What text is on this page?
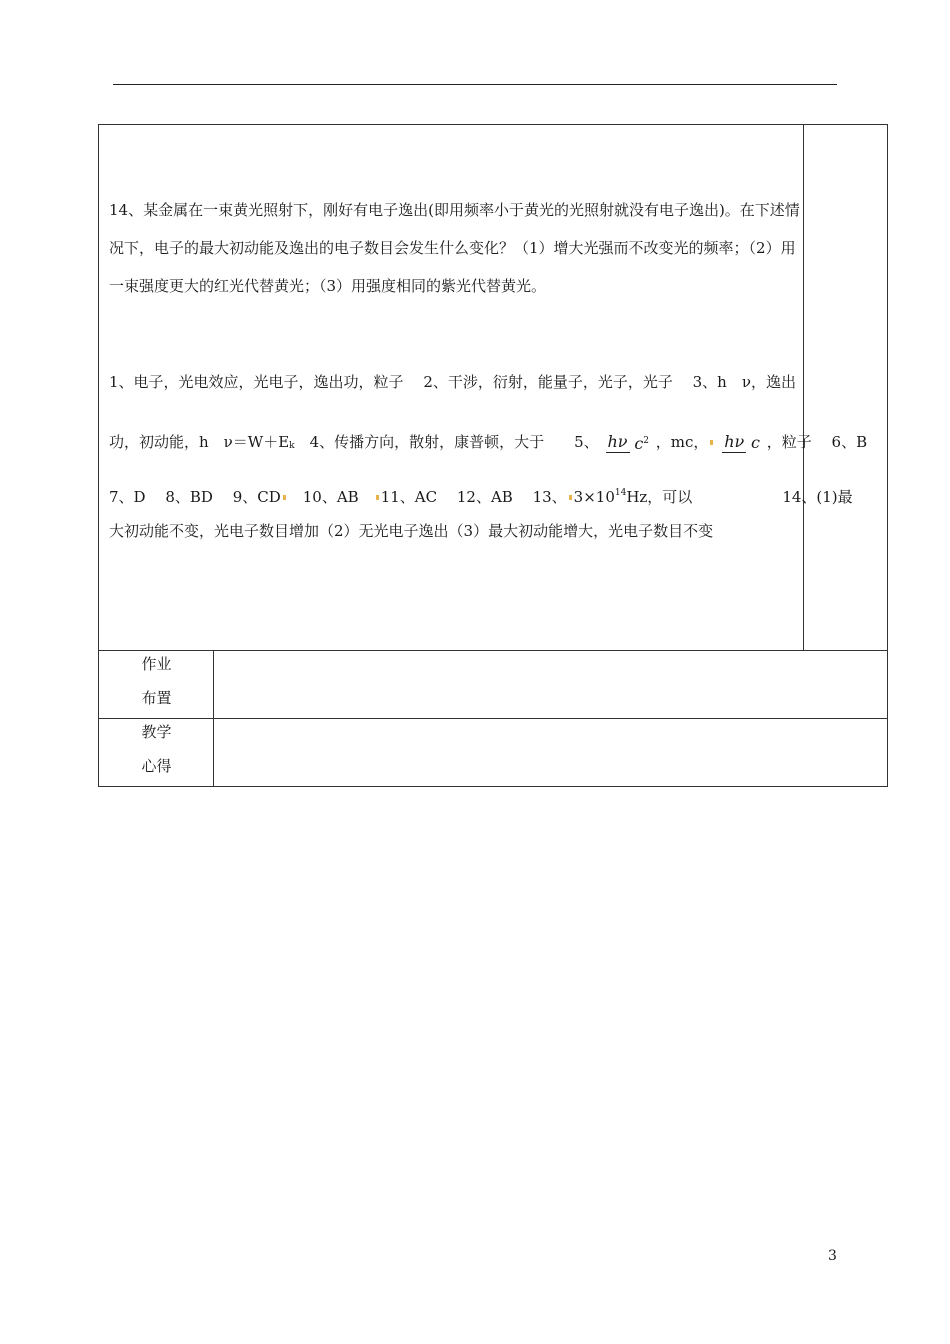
14、某金属在一束黄光照射下，刚好有电子逸出(即用频率小于黄光的光照射就没有电子逸出)。在下述情况下，电子的最大初动能及逸出的电子数目会发生什么变化？（1）增大光强而不改变光的频率；（2）用一束强度更大的红光代替黄光；（3）用强度相同的紫光代替黄光。

1、电子，光电效应，光电子，逸出功，粒子　 2、干涉，衍射，能量子，光子，光子　 3、h　ν，逸出
功，初动能，h　$\nu=W+E_k$　4、传播方向，散射，康普顿，大于　　5、 hν $c^2$ ，mc， hν c ，粒子　 6、B
7、D　 8、BD　 9、CD　10、AB　11、AC　 12、AB　 13、 $3\times 10^{14}Hz$，可以　　　　　　14、(1)最
大初动能不变，光电子数目增加（2）无光电子逸出（3）最大初动能增大，光电子数目不变
作业
布置
教学
心得
3
